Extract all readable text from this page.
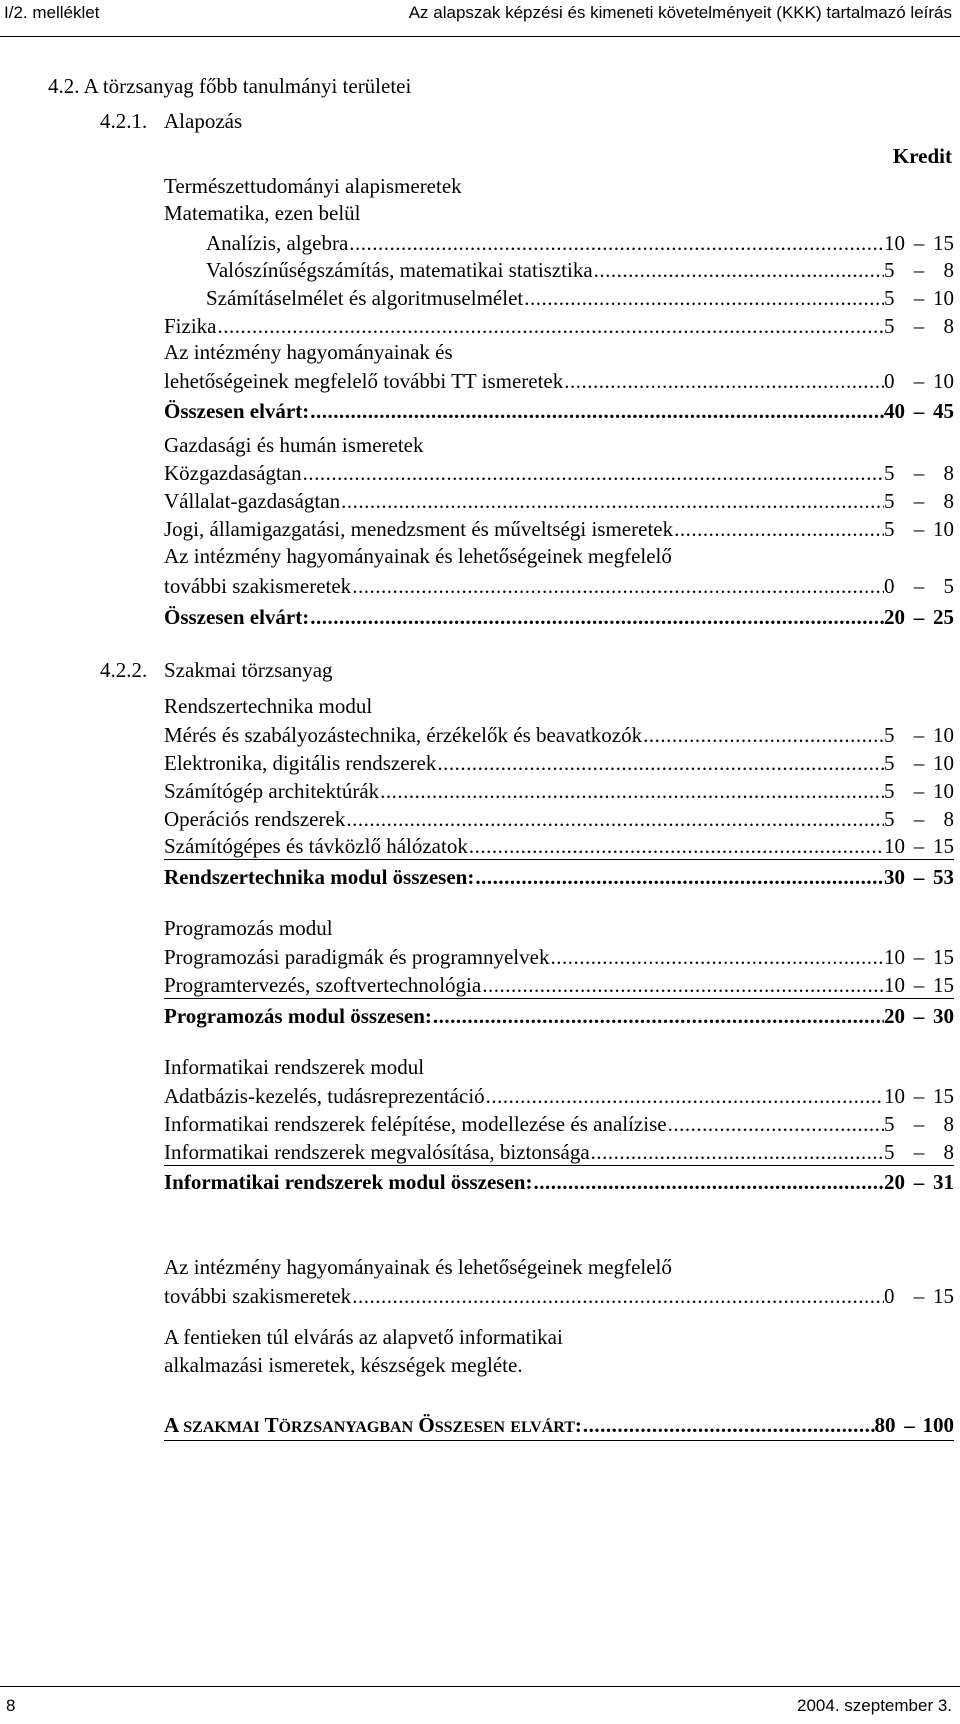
I/2. melléklet	Az alapszak képzési és kimeneti követelményeit (KKK) tartalmazó leírás
4.2. A törzsanyag főbb tanulmányi területei
4.2.1. Alapozás
Kredit
Természettudományi alapismeretek
Matematika, ezen belül
Analízis, algebra .....	10 – 15
Valószínűségszámítás, matematikai statisztika .....	5 – 8
Számításelmélet és algoritmuselmélet .....	5 – 10
Fizika .....	5 – 8
Az intézmény hagyományainak és
lehetőségeinek megfelelő további TT ismeretek .....	0 – 10
Összesen elvárt: .....	40 – 45
Gazdasági és humán ismeretek
Közgazdaságtan .....	5 – 8
Vállalat-gazdaságtan .....	5 – 8
Jogi, államigazgatási, menedzsment és műveltségi ismeretek .....	5 – 10
Az intézmény hagyományainak és lehetőségeinek megfelelő
további szakismeretek .....	0 – 5
Összesen elvárt: .....	20 – 25
4.2.2. Szakmai törzsanyag
Rendszertechnika modul
Mérés és szabályozástechnika, érzékelők és beavatkozók .....	5 – 10
Elektronika, digitális rendszerek .....	5 – 10
Számítógép architektúrák .....	5 – 10
Operációs rendszerek .....	5 – 8
Számítógépes és távközlő hálózatok .....	10 – 15
Rendszertechnika modul összesen: .....	30 – 53
Programozás modul
Programozási paradigmák és programnyelvek .....	10 – 15
Programtervezés, szoftvertechnológia .....	10 – 15
Programozás modul összesen: .....	20 – 30
Informatikai rendszerek modul
Adatbázis-kezelés, tudásreprezentáció .....	10 – 15
Informatikai rendszerek felépítése, modellezése és analízise .....	5 – 8
Informatikai rendszerek megvalósítása, biztonsága .....	5 – 8
Informatikai rendszerek modul összesen: .....	20 – 31
Az intézmény hagyományainak és lehetőségeinek megfelelő
további szakismeretek .....	0 – 15
A fentieken túl elvárás az alapvető informatikai
alkalmazási ismeretek, készségek megléte.
A SZAKMAI TÖRZSANYAGBAN ÖSSZESEN ELVÁRT: .....	80 – 100
8	2004. szeptember 3.
